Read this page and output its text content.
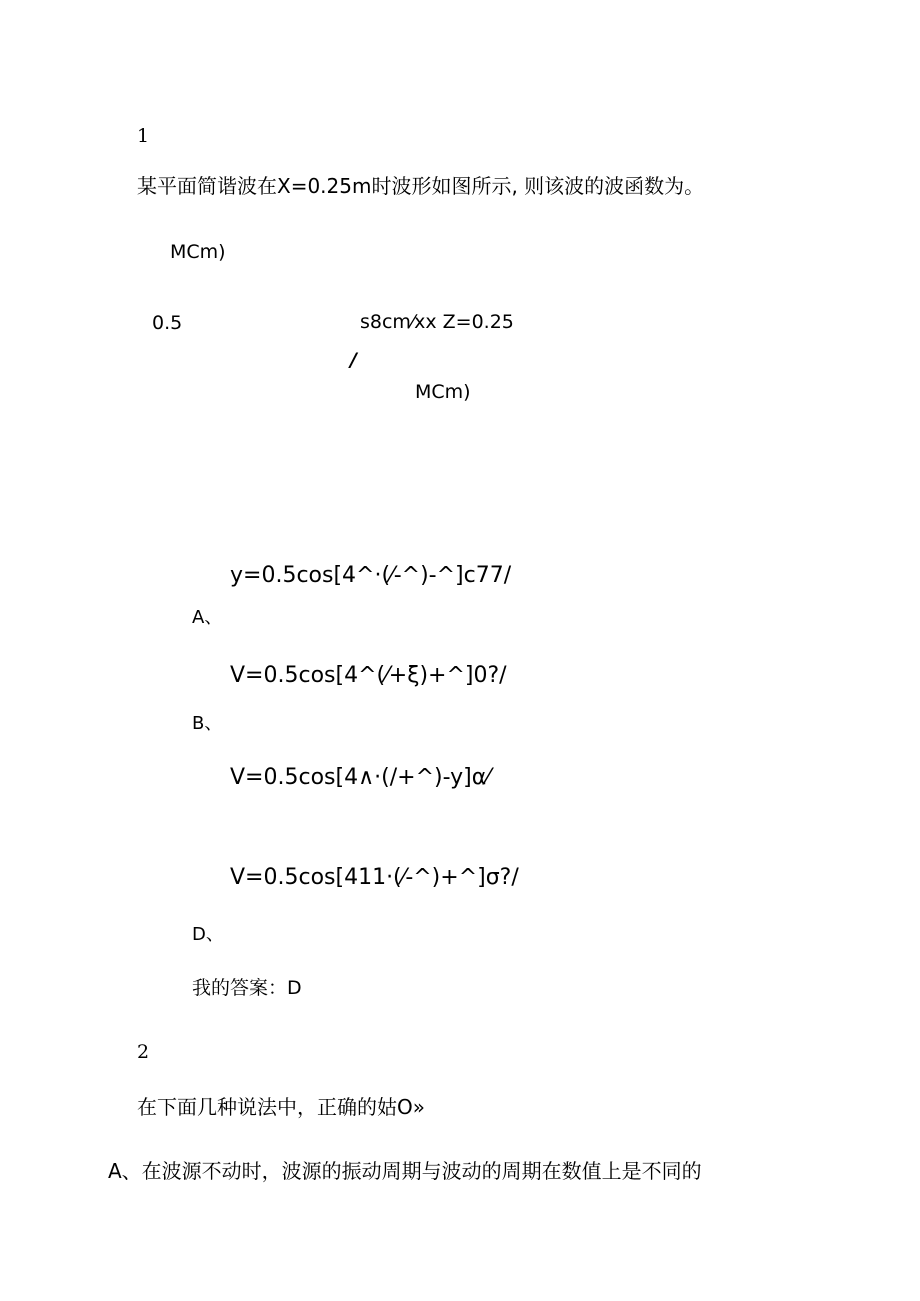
1
某平面简谐波在X=0.25m时波形如图所示, 则该波的波函数为。
MCm)
0.5	s8cm⁄xx Z=0.25
/
MCm)
y=0.5cos[4^·(⁄-^)-^]c77/
A、
V=0.5cos[4^(⁄+ξ)+^]0?/
B、
V=0.5cos[4∧·(/+^)-y]α⁄
V=0.5cos[411·(⁄-^)+^]σ?/
D、
我的答案：D
2
在下面几种说法中，正确的姑O»
A、在波源不动时，波源的振动周期与波动的周期在数值上是不同的
